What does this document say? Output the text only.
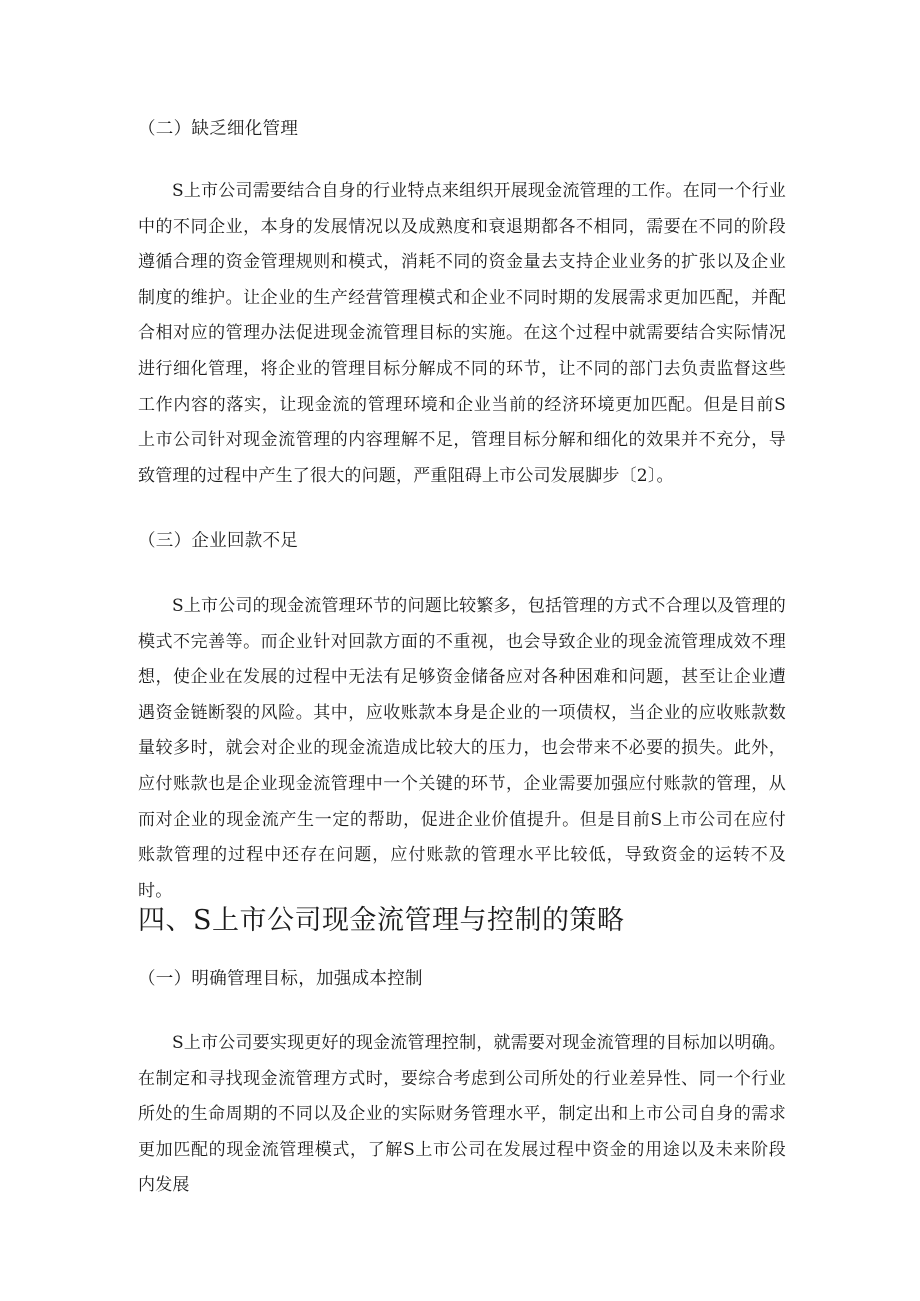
（二）缺乏细化管理

S上市公司需要结合自身的行业特点来组织开展现金流管理的工作。在同一个行业中的不同企业，本身的发展情况以及成熟度和衰退期都各不相同，需要在不同的阶段遵循合理的资金管理规则和模式，消耗不同的资金量去支持企业业务的扩张以及企业制度的维护。让企业的生产经营管理模式和企业不同时期的发展需求更加匹配，并配合相对应的管理办法促进现金流管理目标的实施。在这个过程中就需要结合实际情况进行细化管理，将企业的管理目标分解成不同的环节，让不同的部门去负责监督这些工作内容的落实，让现金流的管理环境和企业当前的经济环境更加匹配。但是目前S上市公司针对现金流管理的内容理解不足，管理目标分解和细化的效果并不充分，导致管理的过程中产生了很大的问题，严重阻碍上市公司发展脚步〔2〕。

（三）企业回款不足

S上市公司的现金流管理环节的问题比较繁多，包括管理的方式不合理以及管理的模式不完善等。而企业针对回款方面的不重视，也会导致企业的现金流管理成效不理想，使企业在发展的过程中无法有足够资金储备应对各种困难和问题，甚至让企业遭遇资金链断裂的风险。其中，应收账款本身是企业的一项债权，当企业的应收账款数量较多时，就会对企业的现金流造成比较大的压力，也会带来不必要的损失。此外，应付账款也是企业现金流管理中一个关键的环节，企业需要加强应付账款的管理，从而对企业的现金流产生一定的帮助，促进企业价值提升。但是目前S上市公司在应付账款管理的过程中还存在问题，应付账款的管理水平比较低，导致资金的运转不及时。

四、S上市公司现金流管理与控制的策略
（一）明确管理目标，加强成本控制

S上市公司要实现更好的现金流管理控制，就需要对现金流管理的目标加以明确。在制定和寻找现金流管理方式时，要综合考虑到公司所处的行业差异性、同一个行业所处的生命周期的不同以及企业的实际财务管理水平，制定出和上市公司自身的需求更加匹配的现金流管理模式，了解S上市公司在发展过程中资金的用途以及未来阶段内发展
